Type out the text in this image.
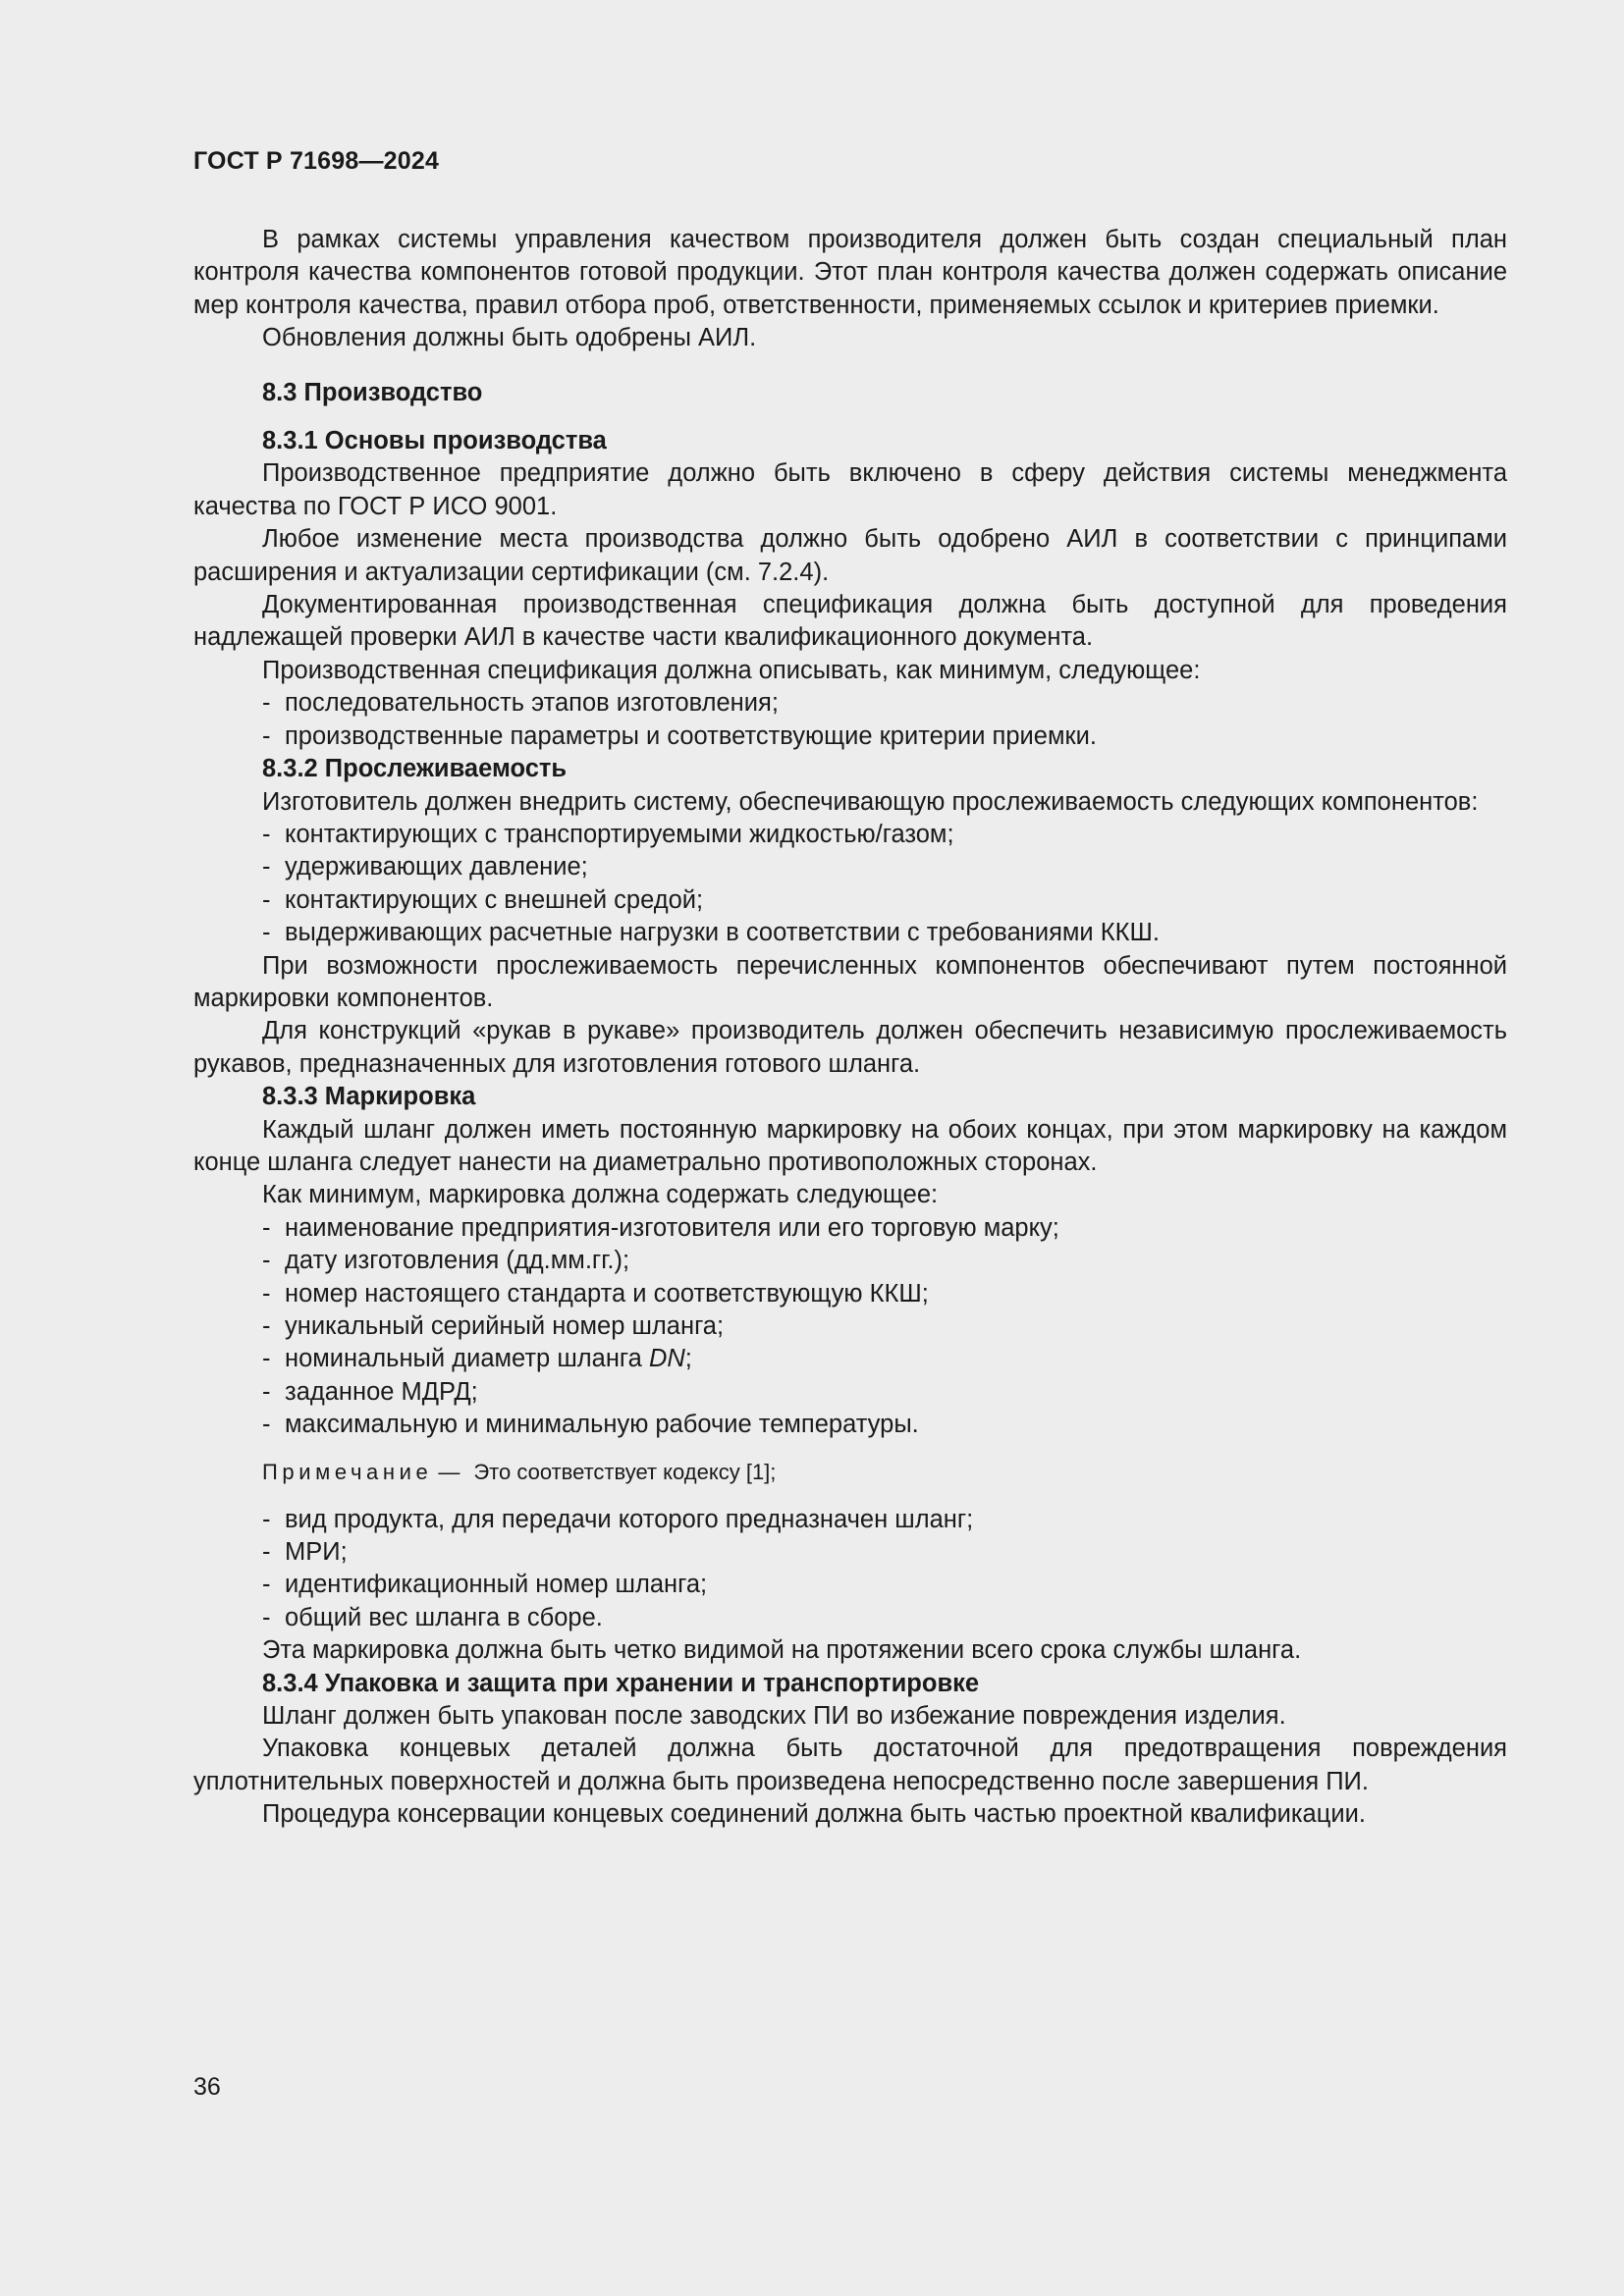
ГОСТ Р 71698—2024

В рамках системы управления качеством производителя должен быть создан специальный план контроля качества компонентов готовой продукции. Этот план контроля качества должен содержать описание мер контроля качества, правил отбора проб, ответственности, применяемых ссылок и критериев приемки.

Обновления должны быть одобрены АИЛ.

8.3 Производство

8.3.1 Основы производства

Производственное предприятие должно быть включено в сферу действия системы менеджмента качества по ГОСТ Р ИСО 9001.

Любое изменение места производства должно быть одобрено АИЛ в соответствии с принципами расширения и актуализации сертификации (см. 7.2.4).

Документированная производственная спецификация должна быть доступной для проведения надлежащей проверки АИЛ в качестве части квалификационного документа.

Производственная спецификация должна описывать, как минимум, следующее:

- последовательность этапов изготовления;
- производственные параметры и соответствующие критерии приемки.

8.3.2 Прослеживаемость

Изготовитель должен внедрить систему, обеспечивающую прослеживаемость следующих компонентов:

- контактирующих с транспортируемыми жидкостью/газом;
- удерживающих давление;
- контактирующих с внешней средой;
- выдерживающих расчетные нагрузки в соответствии с требованиями ККШ.

При возможности прослеживаемость перечисленных компонентов обеспечивают путем постоянной маркировки компонентов.

Для конструкций «рукав в рукаве» производитель должен обеспечить независимую прослеживаемость рукавов, предназначенных для изготовления готового шланга.

8.3.3 Маркировка

Каждый шланг должен иметь постоянную маркировку на обоих концах, при этом маркировку на каждом конце шланга следует нанести на диаметрально противоположных сторонах.

Как минимум, маркировка должна содержать следующее:

- наименование предприятия-изготовителя или его торговую марку;
- дату изготовления (дд.мм.гг.);
- номер настоящего стандарта и соответствующую ККШ;
- уникальный серийный номер шланга;
- номинальный диаметр шланга DN;
- заданное МДРД;
- максимальную и минимальную рабочие температуры.
Примечание — Это соответствует кодексу [1];
- вид продукта, для передачи которого предназначен шланг;
- МРИ;
- идентификационный номер шланга;
- общий вес шланга в сборе.

Эта маркировка должна быть четко видимой на протяжении всего срока службы шланга.

8.3.4 Упаковка и защита при хранении и транспортировке

Шланг должен быть упакован после заводских ПИ во избежание повреждения изделия.

Упаковка концевых деталей должна быть достаточной для предотвращения повреждения уплотнительных поверхностей и должна быть произведена непосредственно после завершения ПИ.

Процедура консервации концевых соединений должна быть частью проектной квалификации.

36
